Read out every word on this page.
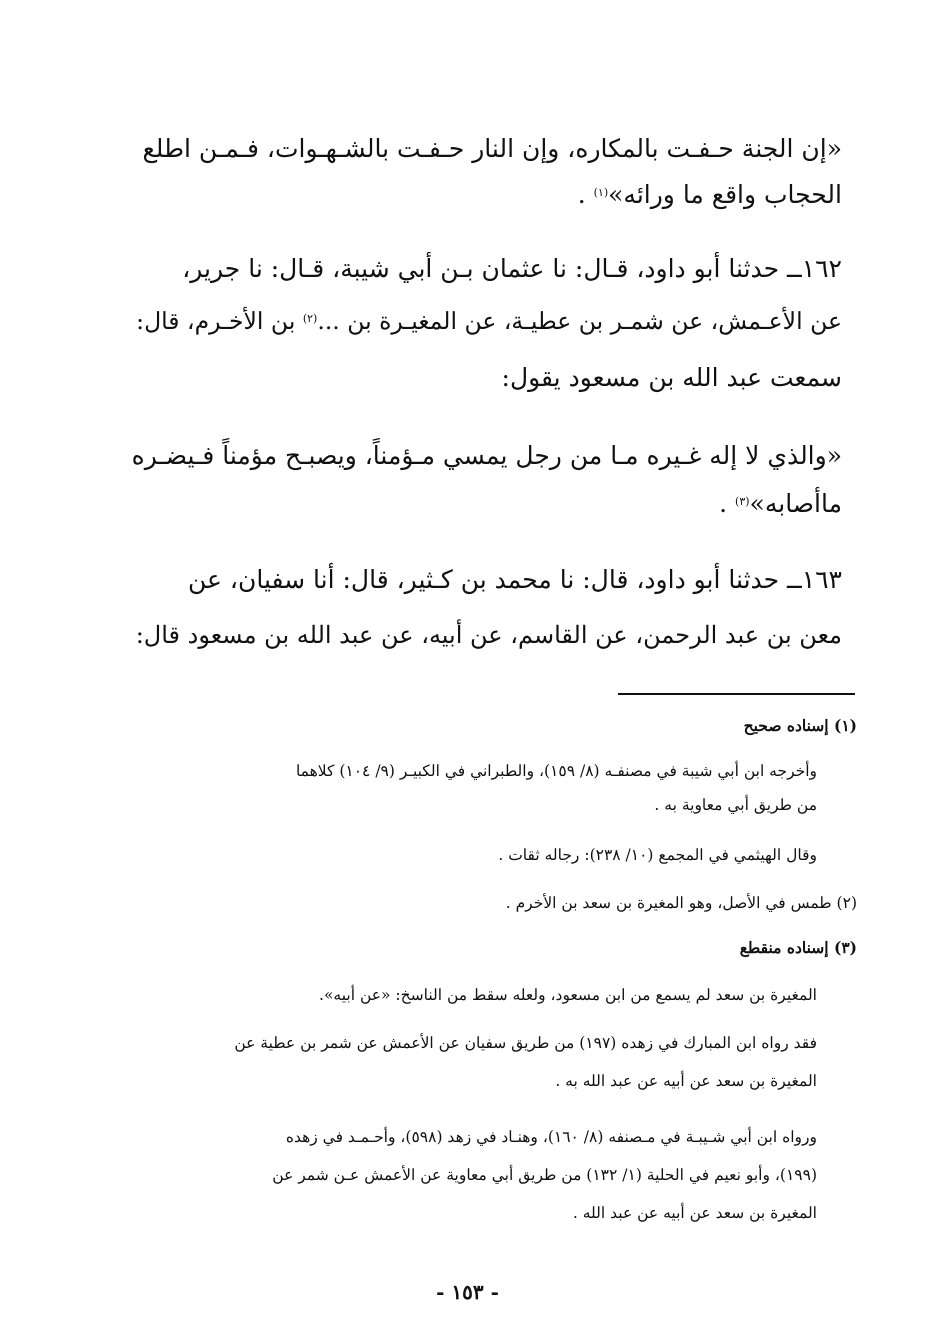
«إن الجنة حـفـت بالمكاره، وإن النار حـفـت بالشـهـوات، فـمـن اطلع

الحجاب واقع ما ورائه»$^{(١)}$ .

١٦٢ــ حدثنا أبو داود، قـال: نا عثمان بـن أبي شيبة، قـال: نا جرير،

عن الأعـمش، عن شمـر بن عطيـة، عن المغيـرة بن ...$^{(٢)}$ بن الأخـرم، قال:

سمعت عبد الله بن مسعود يقول:

«والذي لا إله غـيره مـا من رجل يمسي مـؤمناً، ويصبـح مؤمناً فـيضـره

ماأصابه»$^{(٣)}$ .

١٦٣ــ حدثنا أبو داود، قال: نا محمد بن كـثير، قال: أنا سفيان، عن

معن بن عبد الرحمن، عن القاسم، عن أبيه، عن عبد الله بن مسعود قال:

(١) إسناده صحيح

وأخرجه ابن أبي شيبة في مصنفـه (٨/ ١٥٩)، والطبراني في الكبيـر (٩/ ١٠٤) كلاهما

من طريق أبي معاوية به .

وقال الهيثمي في المجمع (١٠/ ٢٣٨): رجاله ثقات .

(٢) طمس في الأصل، وهو المغيرة بن سعد بن الأخرم .

(٣) إسناده منقطع

المغيرة بن سعد لم يسمع من ابن مسعود، ولعله سقط من الناسخ: «عن أبيه».

فقد رواه ابن المبارك في زهده (١٩٧) من طريق سفيان عن الأعمش عن شمر بن عطية عن

المغيرة بن سعد عن أبيه عن عبد الله به .

ورواه ابن أبي شـيبـة في مـصنفه (٨/ ١٦٠)، وهنـاد في زهد (٥٩٨)، وأحـمـد في زهده

(١٩٩)، وأبو نعيم في الحلية (١/ ١٣٢) من طريق أبي معاوية عن الأعمش عـن شمر عن

المغيرة بن سعد عن أبيه عن عبد الله .

- ١٥٣ -
